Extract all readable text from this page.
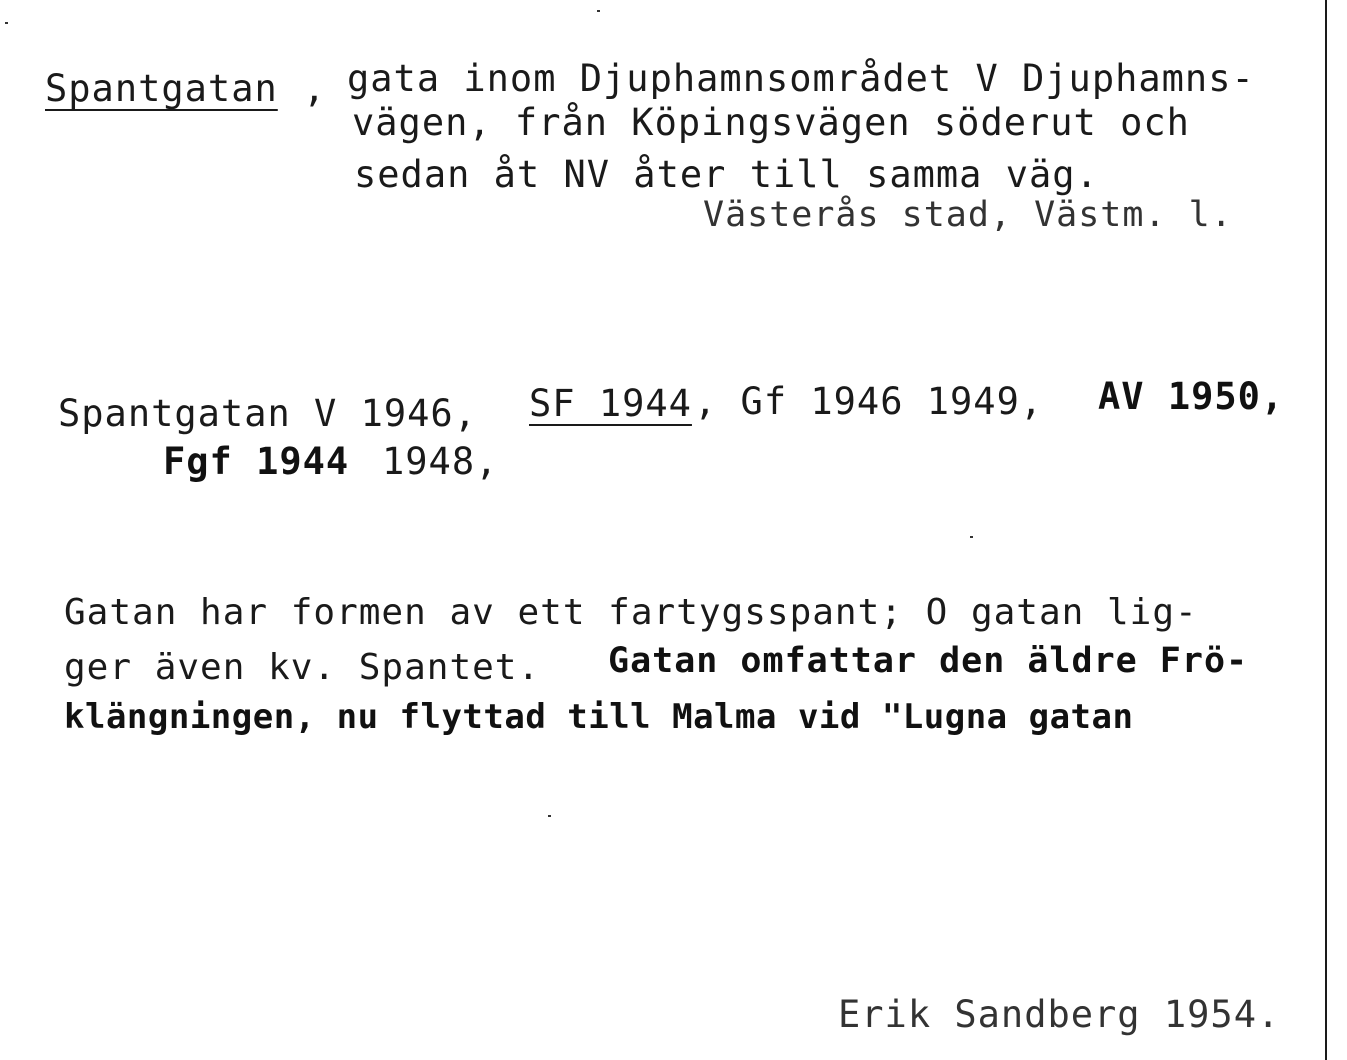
Spantgatan , gata inom Djuphamnsområdet V Djuphamns-
vägen, från Köpingsvägen söderut och
sedan åt NV åter till samma väg.
Västerås stad, Västm. l.
Spantgatan V 1946, SF 1944 , Gf 1946 1949, AV 1950,
Fgf 1944 1948,
Gatan har formen av ett fartygsspant; O gatan lig-
ger även kv. Spantet. Gatan omfattar den äldre Frö-
klängningen, nu flyttad till Malma vid "Lugna gatan
Erik Sandberg 1954.
